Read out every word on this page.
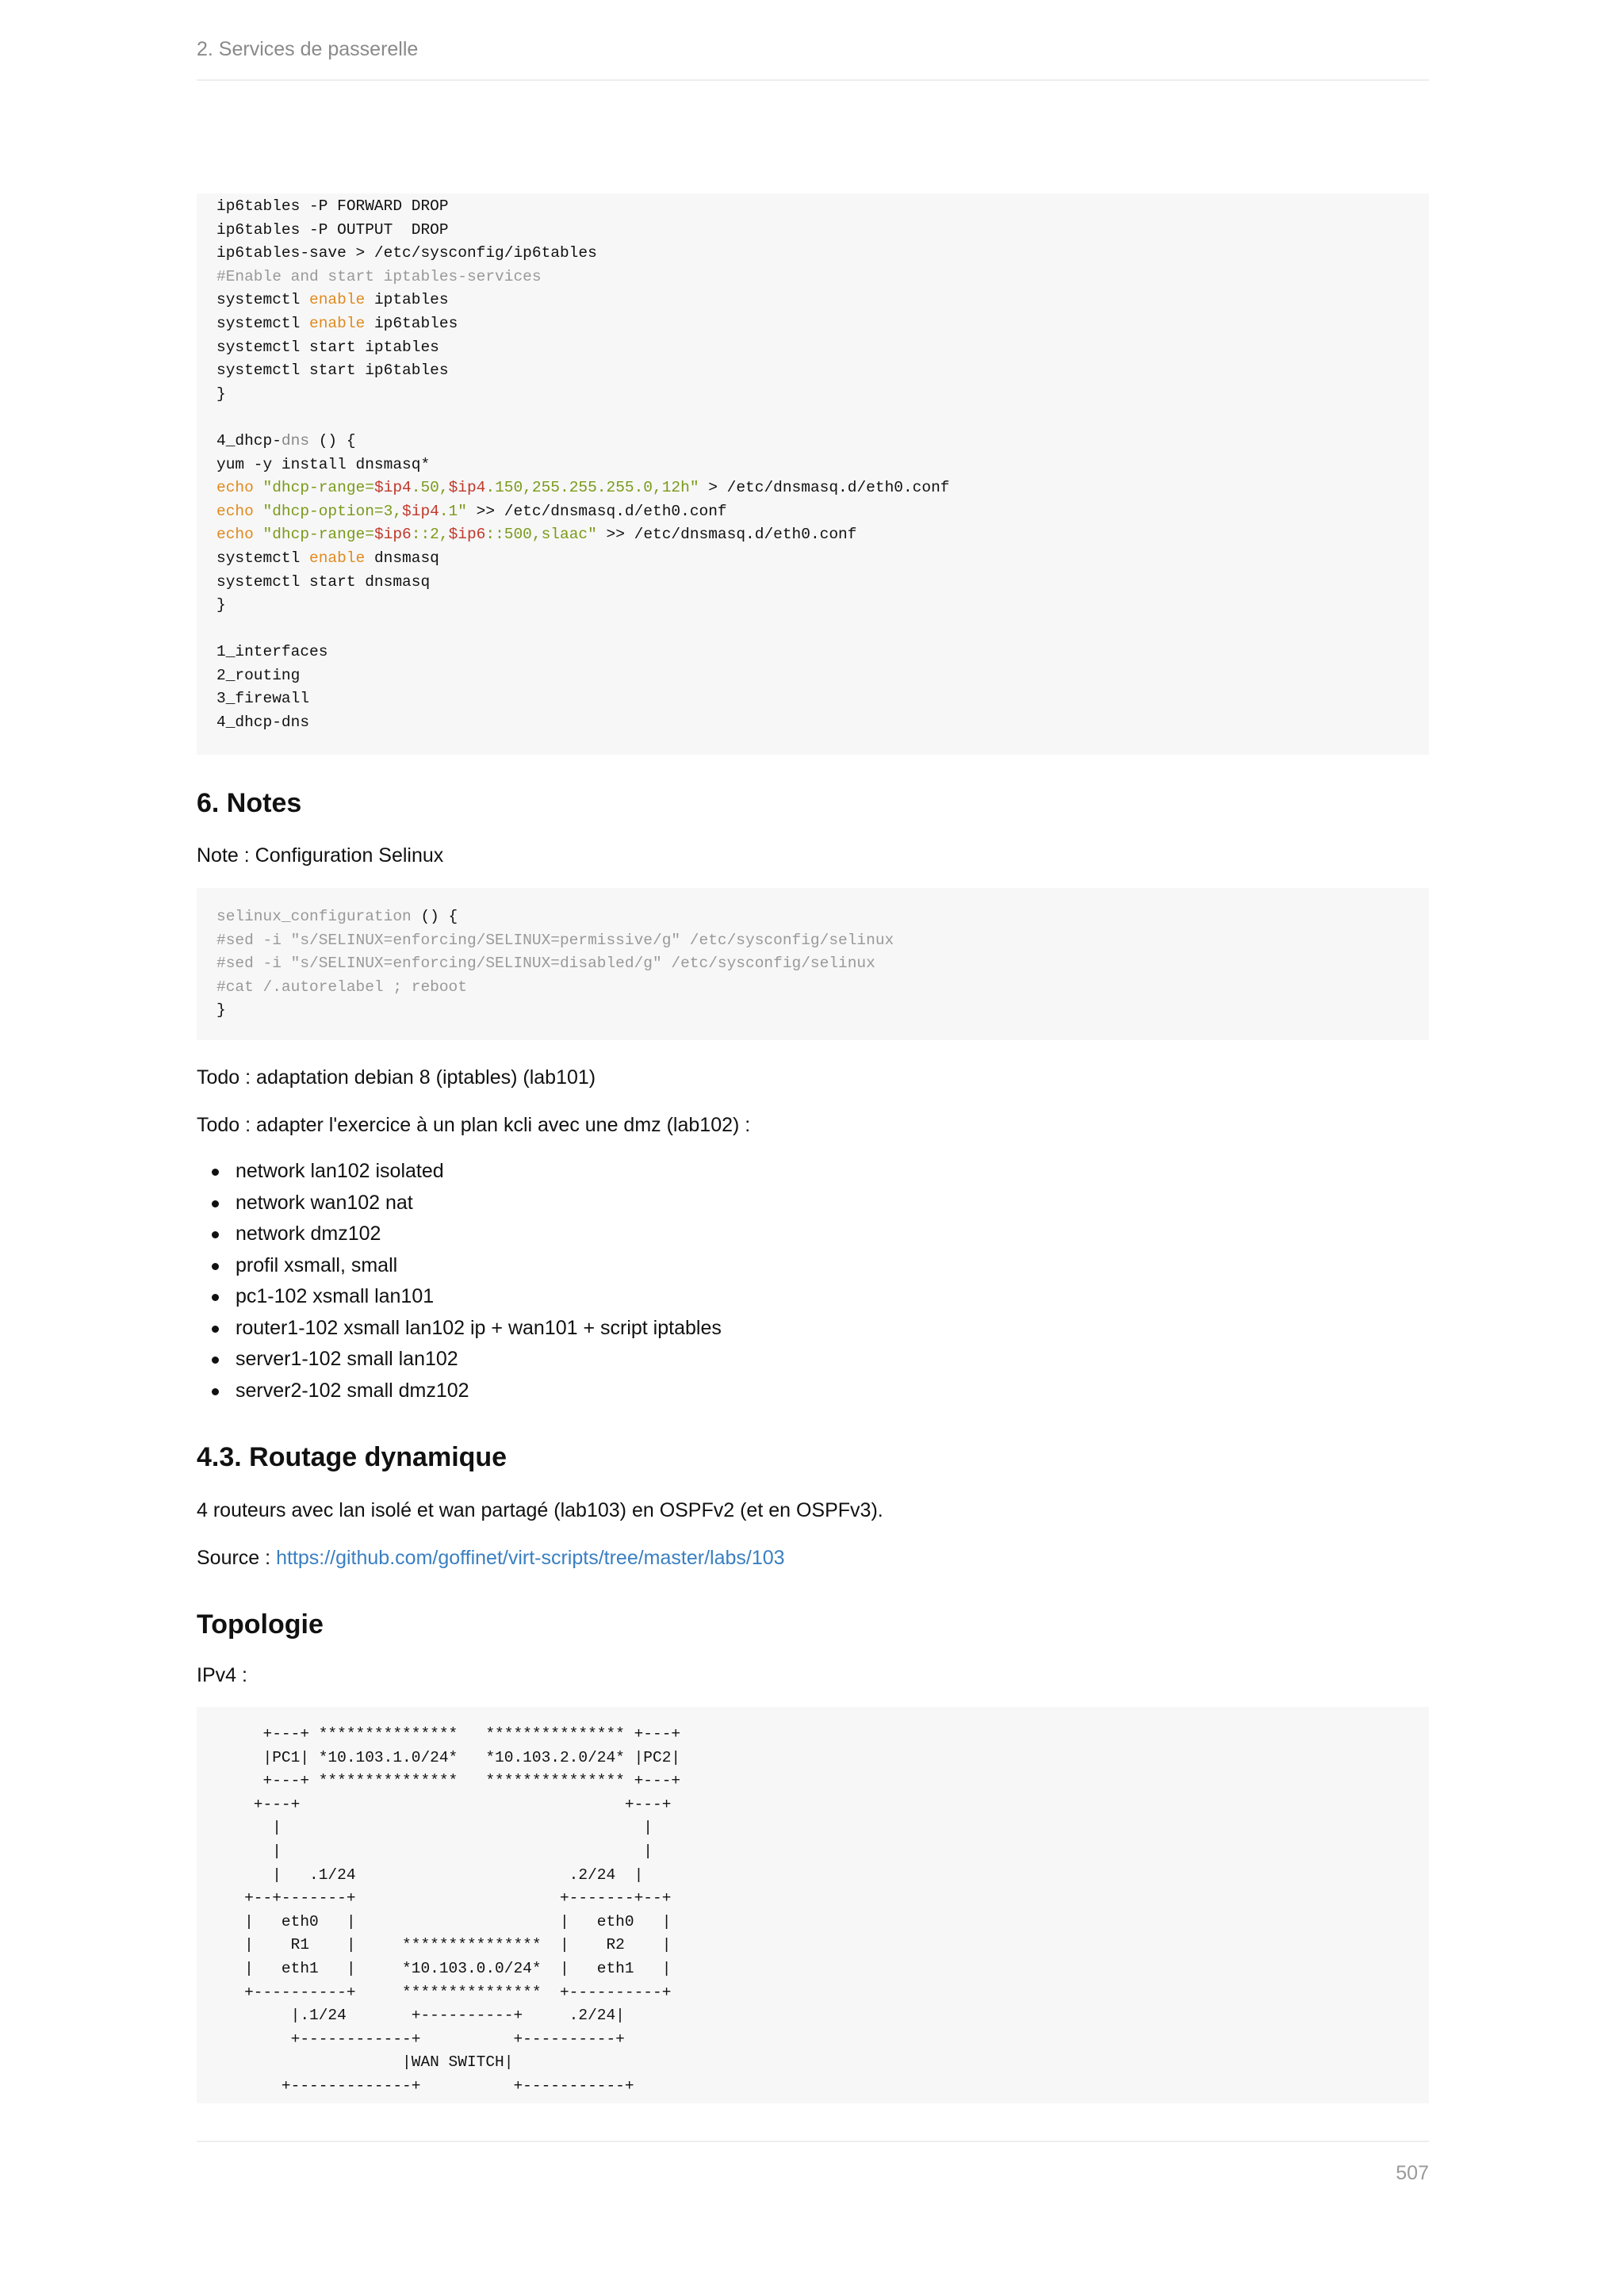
2. Services de passerelle
ip6tables -P FORWARD DROP
ip6tables -P OUTPUT  DROP
ip6tables-save > /etc/sysconfig/ip6tables
#Enable and start iptables-services
systemctl enable iptables
systemctl enable ip6tables
systemctl start iptables
systemctl start ip6tables
}
4_dhcp-dns () {
yum -y install dnsmasq*
echo "dhcp-range=$ip4.50,$ip4.150,255.255.255.0,12h" > /etc/dnsmasq.d/eth0.conf
echo "dhcp-option=3,$ip4.1" >> /etc/dnsmasq.d/eth0.conf
echo "dhcp-range=$ip6::2,$ip6::500,slaac" >> /etc/dnsmasq.d/eth0.conf
systemctl enable dnsmasq
systemctl start dnsmasq
}
1_interfaces
2_routing
3_firewall
4_dhcp-dns
6. Notes
Note : Configuration Selinux
selinux_configuration () {
#sed -i "s/SELINUX=enforcing/SELINUX=permissive/g" /etc/sysconfig/selinux
#sed -i "s/SELINUX=enforcing/SELINUX=disabled/g" /etc/sysconfig/selinux
#cat /.autorelabel ; reboot
}
Todo : adaptation debian 8 (iptables) (lab101)
Todo : adapter l'exercice à un plan kcli avec une dmz (lab102) :
network lan102 isolated
network wan102 nat
network dmz102
profil xsmall, small
pc1-102 xsmall lan101
router1-102 xsmall lan102 ip + wan101 + script iptables
server1-102 small lan102
server2-102 small dmz102
4.3. Routage dynamique
4 routeurs avec lan isolé et wan partagé (lab103) en OSPFv2 (et en OSPFv3).
Source : https://github.com/goffinet/virt-scripts/tree/master/labs/103
Topologie
IPv4 :
+---+ ***************   *************** +---+
|PC1| *10.103.1.0/24*   *10.103.2.0/24* |PC2|
+---+ ***************   *************** +---+
+---+                                   +---+
|                                       |
|                                       |
|   .1/24                       .2/24  |
+--+-------+                      +-------+--+
|   eth0   |                      |   eth0   |
|    R1    |     ***************  |    R2    |
|   eth1   |     *10.103.0.0/24*  |   eth1   |
+----------+     ***************  +----------+
|.1/24       +----------+     .2/24|
+------------+          +----------+
|WAN SWITCH|
+-------------+          +-----------+
507
